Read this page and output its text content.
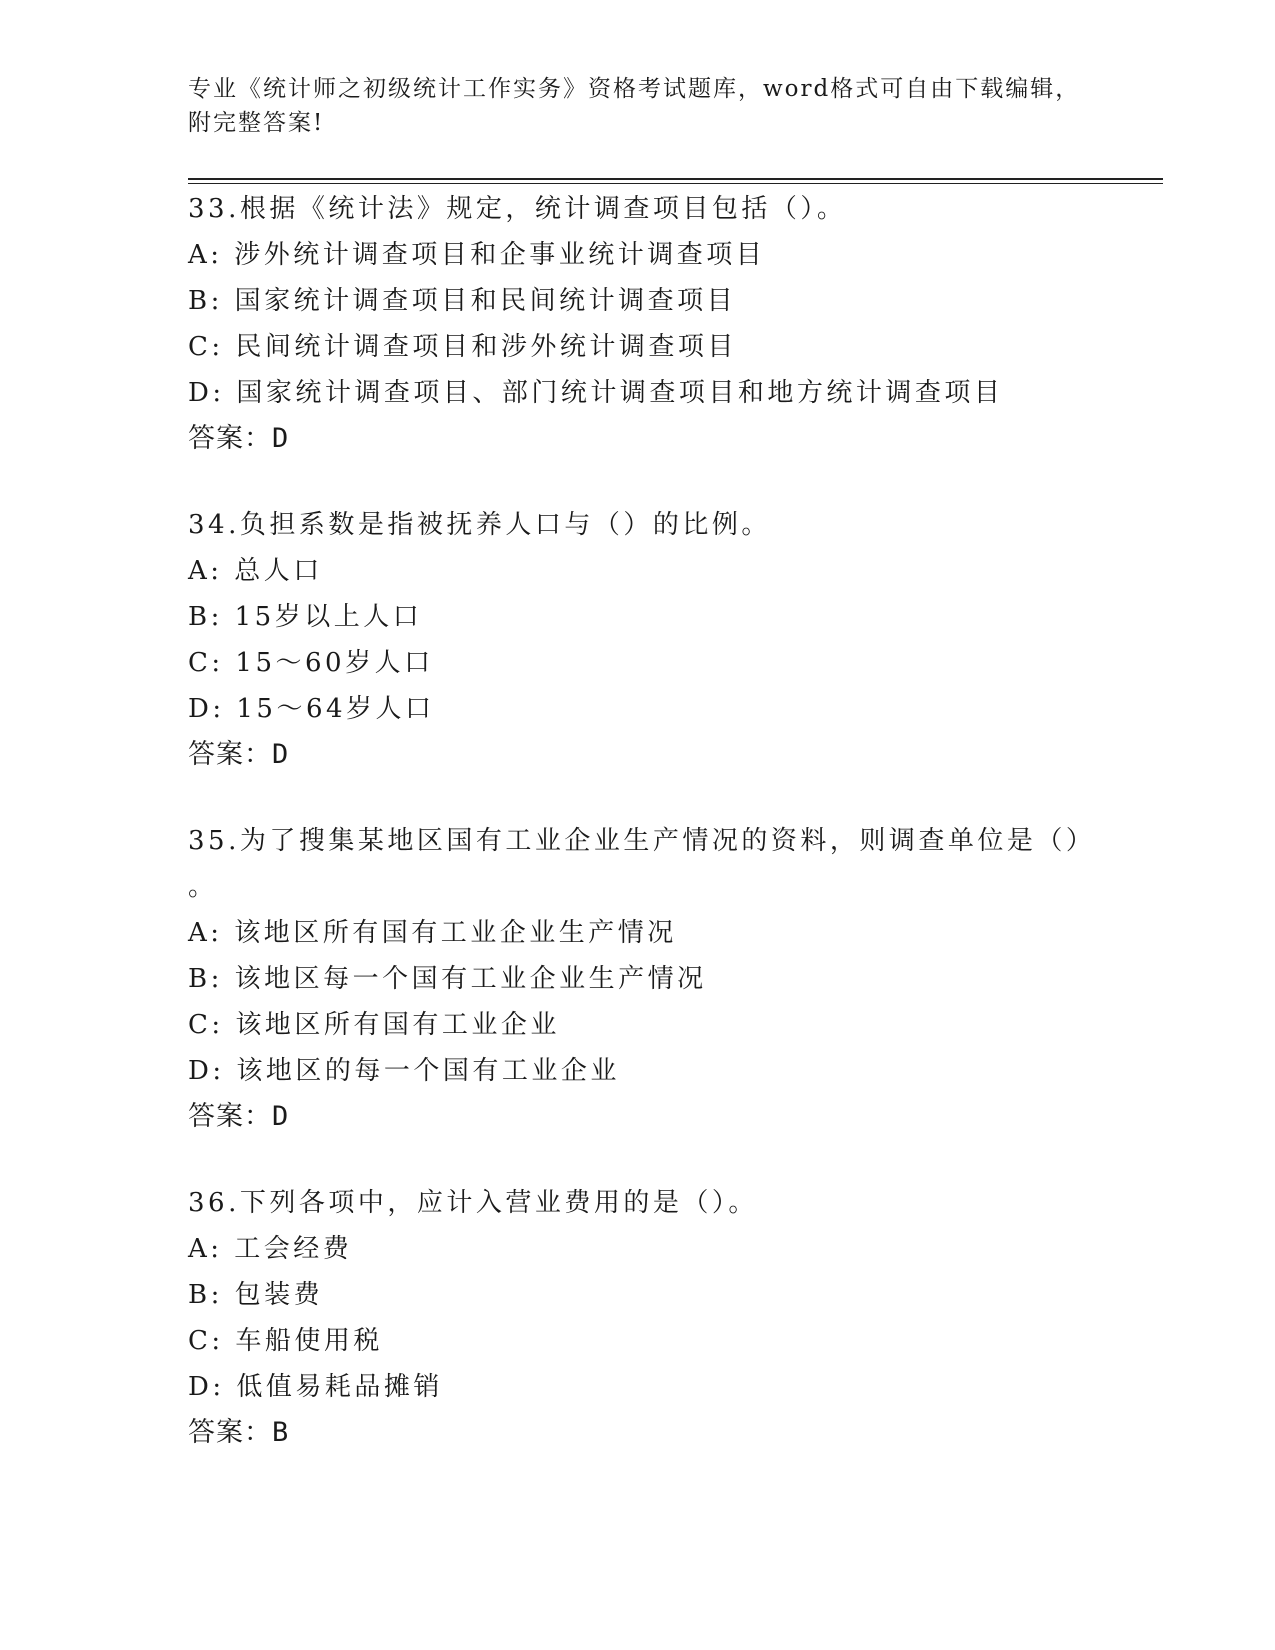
专业《统计师之初级统计工作实务》资格考试题库，word格式可自由下载编辑，
附完整答案!
33.根据《统计法》规定，统计调查项目包括（）。
A: 涉外统计调查项目和企事业统计调查项目
B: 国家统计调查项目和民间统计调查项目
C: 民间统计调查项目和涉外统计调查项目
D: 国家统计调查项目、部门统计调查项目和地方统计调查项目
答案：D
34.负担系数是指被抚养人口与（）的比例。
A: 总人口
B: 15岁以上人口
C: 15～60岁人口
D: 15～64岁人口
答案：D
35.为了搜集某地区国有工业企业生产情况的资料，则调查单位是（）
。
A: 该地区所有国有工业企业生产情况
B: 该地区每一个国有工业企业生产情况
C: 该地区所有国有工业企业
D: 该地区的每一个国有工业企业
答案：D
36.下列各项中，应计入营业费用的是（）。
A: 工会经费
B: 包装费
C: 车船使用税
D: 低值易耗品摊销
答案：B
